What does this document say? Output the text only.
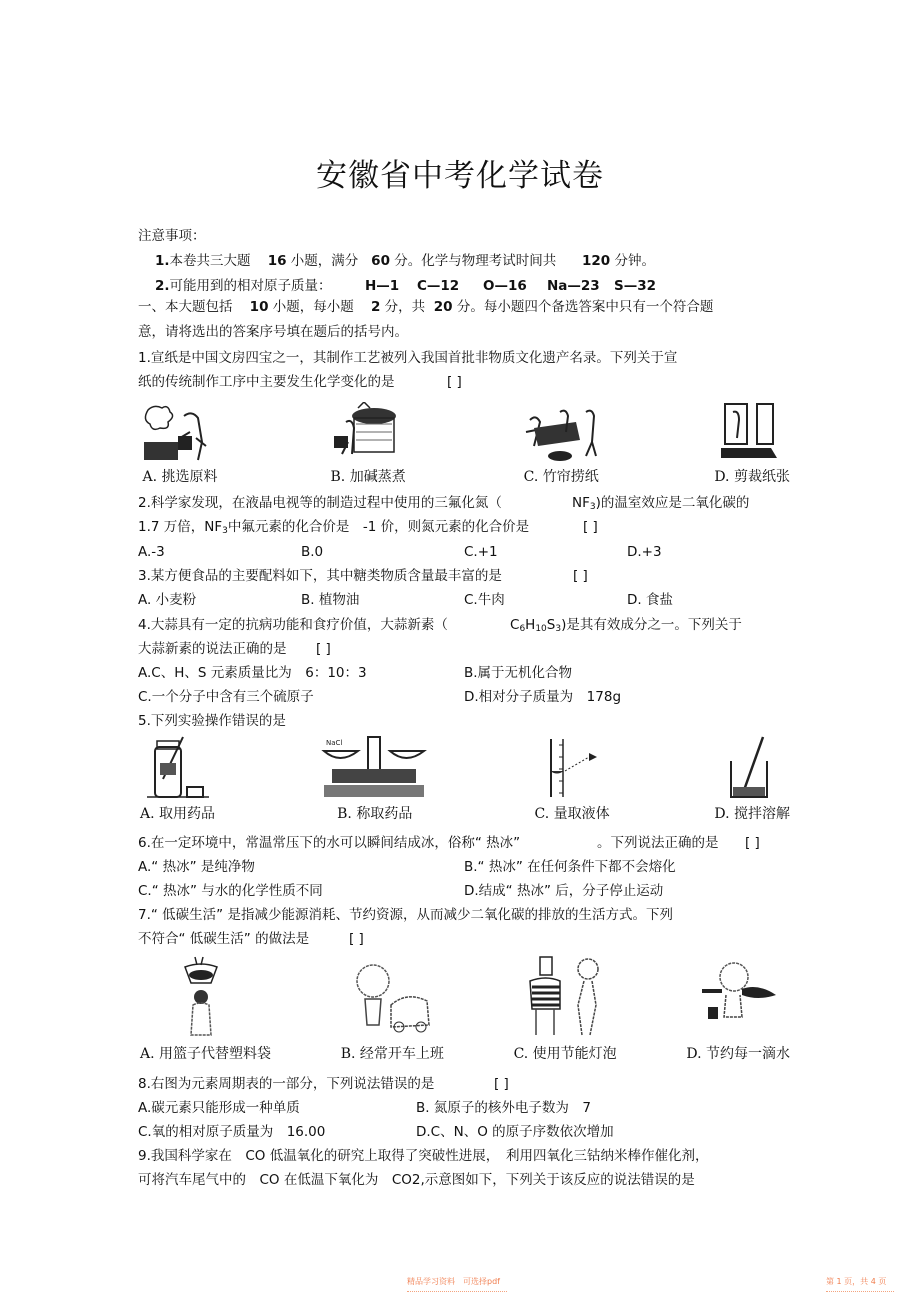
安徽省中考化学试卷
注意事项：
1.本卷共三大题 16 小题，满分 60 分。化学与物理考试时间共 120 分钟。
2.可能用到的相对原子质量： H—1 C—12 O—16 Na—23 S—32
一、本大题包括 10 小题，每小题 2 分，共 20 分。每小题四个备选答案中只有一个符合题
意，请将选出的答案序号填在题后的括号内。
1.宣纸是中国文房四宝之一，其制作工艺被列入我国首批非物质文化遗产名录。下列关于宣
纸的传统制作工序中主要发生化学变化的是	[ ]
A. 挑选原料	B. 加碱蒸煮	C. 竹帘捞纸	D. 剪裁纸张
2.科学家发现，在液晶电视等的制造过程中使用的三氟化氮（	$NF_3$)的温室效应是二氧化碳的
1.7 万倍，$NF_3$中氟元素的化合价是　-1 价，则氮元素的化合价是	[ ]
A.-3	B.0	C.+1	D.+3
3.某方便食品的主要配料如下，其中糖类物质含量最丰富的是	[ ]
A. 小麦粉	B. 植物油	C.牛肉	D. 食盐
4.大蒜具有一定的抗病功能和食疗价值，大蒜新素（	$C_6H_{10}S_3$)是其有效成分之一。下列关于
大蒜新素的说法正确的是 [ ]
A.C、H、S 元素质量比为　6：10：3	B.属于无机化合物
C.一个分子中含有三个硫原子	D.相对分子质量为　178g
5.下列实验操作错误的是
A. 取用药品
NaCl
B. 称取药品	C. 量取液体	D. 搅拌溶解
6.在一定环境中，常温常压下的水可以瞬间结成冰，俗称“ 热冰”	。下列说法正确的是 [ ]
A.“ 热冰” 是纯净物	B.“ 热冰” 在任何条件下都不会熔化
C.“ 热冰” 与水的化学性质不同	D.结成“ 热冰” 后，分子停止运动
7.“ 低碳生活” 是指减少能源消耗、节约资源，从而减少二氧化碳的排放的生活方式。下列
不符合“ 低碳生活” 的做法是	[ ]
A. 用篮子代替塑料袋	B. 经常开车上班	C. 使用节能灯泡	D. 节约每一滴水
8.右图为元素周期表的一部分，下列说法错误的是	[ ]
A.碳元素只能形成一种单质	B. 氮原子的核外电子数为　7
C.氧的相对原子质量为　16.00	D.C、N、O 的原子序数依次增加
9.我国科学家在　CO 低温氧化的研究上取得了突破性进展，　利用四氧化三钴纳米棒作催化剂，
可将汽车尾气中的　CO 在低温下氧化为　CO2,示意图如下，下列关于该反应的说法错误的是
精品学习资料　可选择pdf	第 1 页，共 4 页
